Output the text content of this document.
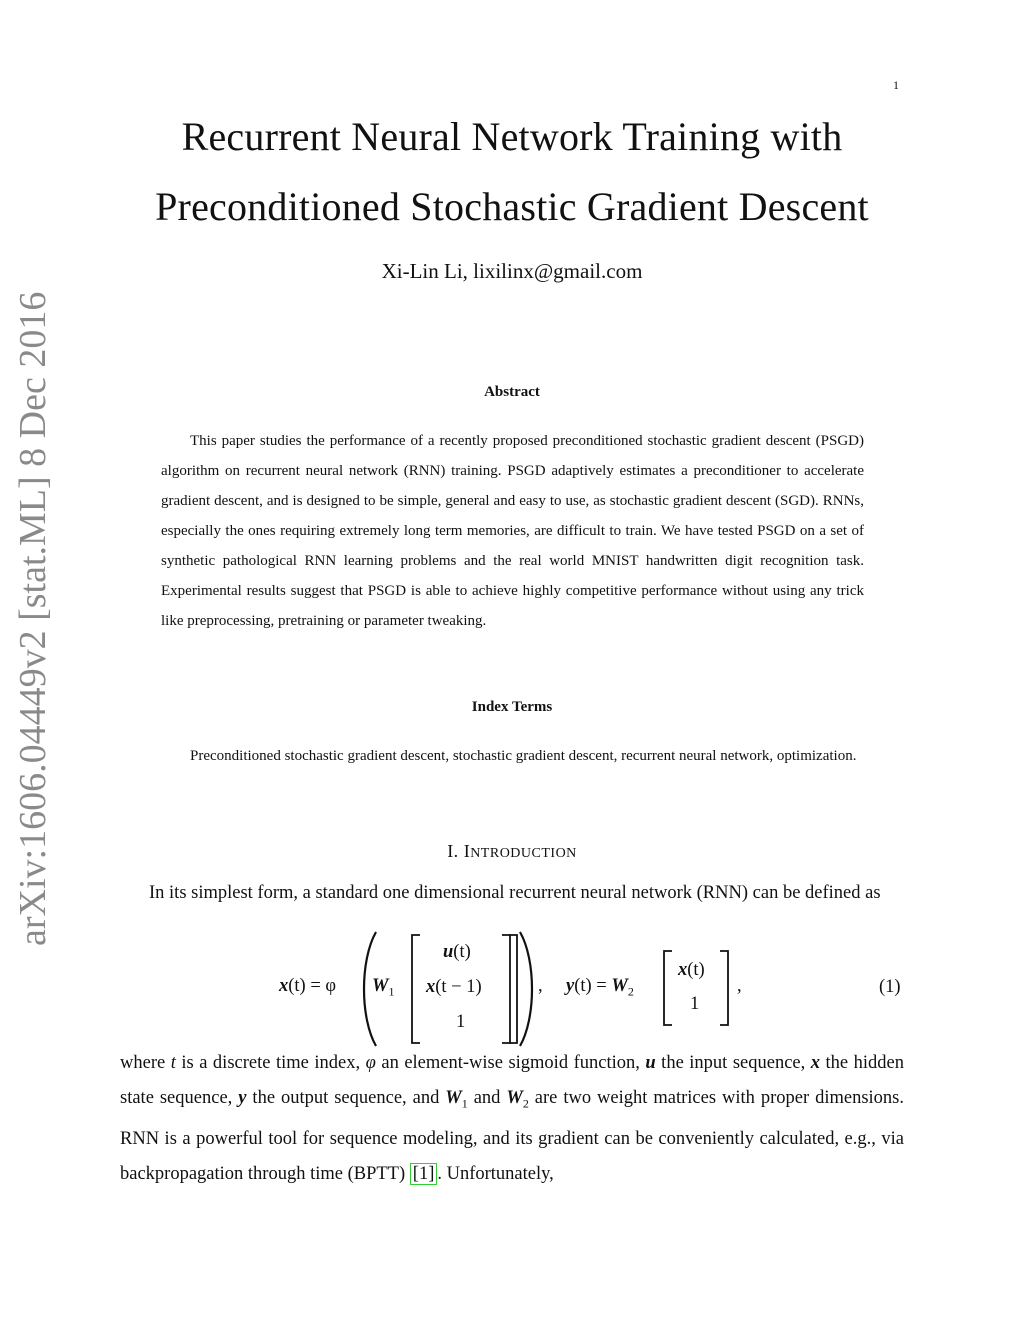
1
Recurrent Neural Network Training with
Preconditioned Stochastic Gradient Descent
Xi-Lin Li, lixilinx@gmail.com
arXiv:1606.04449v2 [stat.ML] 8 Dec 2016	Abstract
This paper studies the performance of a recently proposed preconditioned stochastic gradient descent (PSGD) algorithm on recurrent neural network (RNN) training. PSGD adaptively estimates a preconditioner to accelerate gradient descent, and is designed to be simple, general and easy to use, as stochastic gradient descent (SGD). RNNs, especially the ones requiring extremely long term memories, are difficult to train. We have tested PSGD on a set of synthetic pathological RNN learning problems and the real world MNIST handwritten digit recognition task. Experimental results suggest that PSGD is able to achieve highly competitive performance without using any trick like preprocessing, pretraining or parameter tweaking.
Index Terms
Preconditioned stochastic gradient descent, stochastic gradient descent, recurrent neural network, optimization.
I. INTRODUCTION
In its simplest form, a standard one dimensional recurrent neural network (RNN) can be defined as
x(t) = φ $W_1$
u(t)
x(t − 1)
1
, $y(t) = W_2$
x(t)
1
,	(1)
where t is a discrete time index, φ an element-wise sigmoid function, u the input sequence, x the hidden state sequence, y the output sequence, and $W_1$ and $W_2$ are two weight matrices with proper dimensions. RNN is a powerful tool for sequence modeling, and its gradient can be conveniently calculated, e.g., via backpropagation through time (BPTT) [1] . Unfortunately,
